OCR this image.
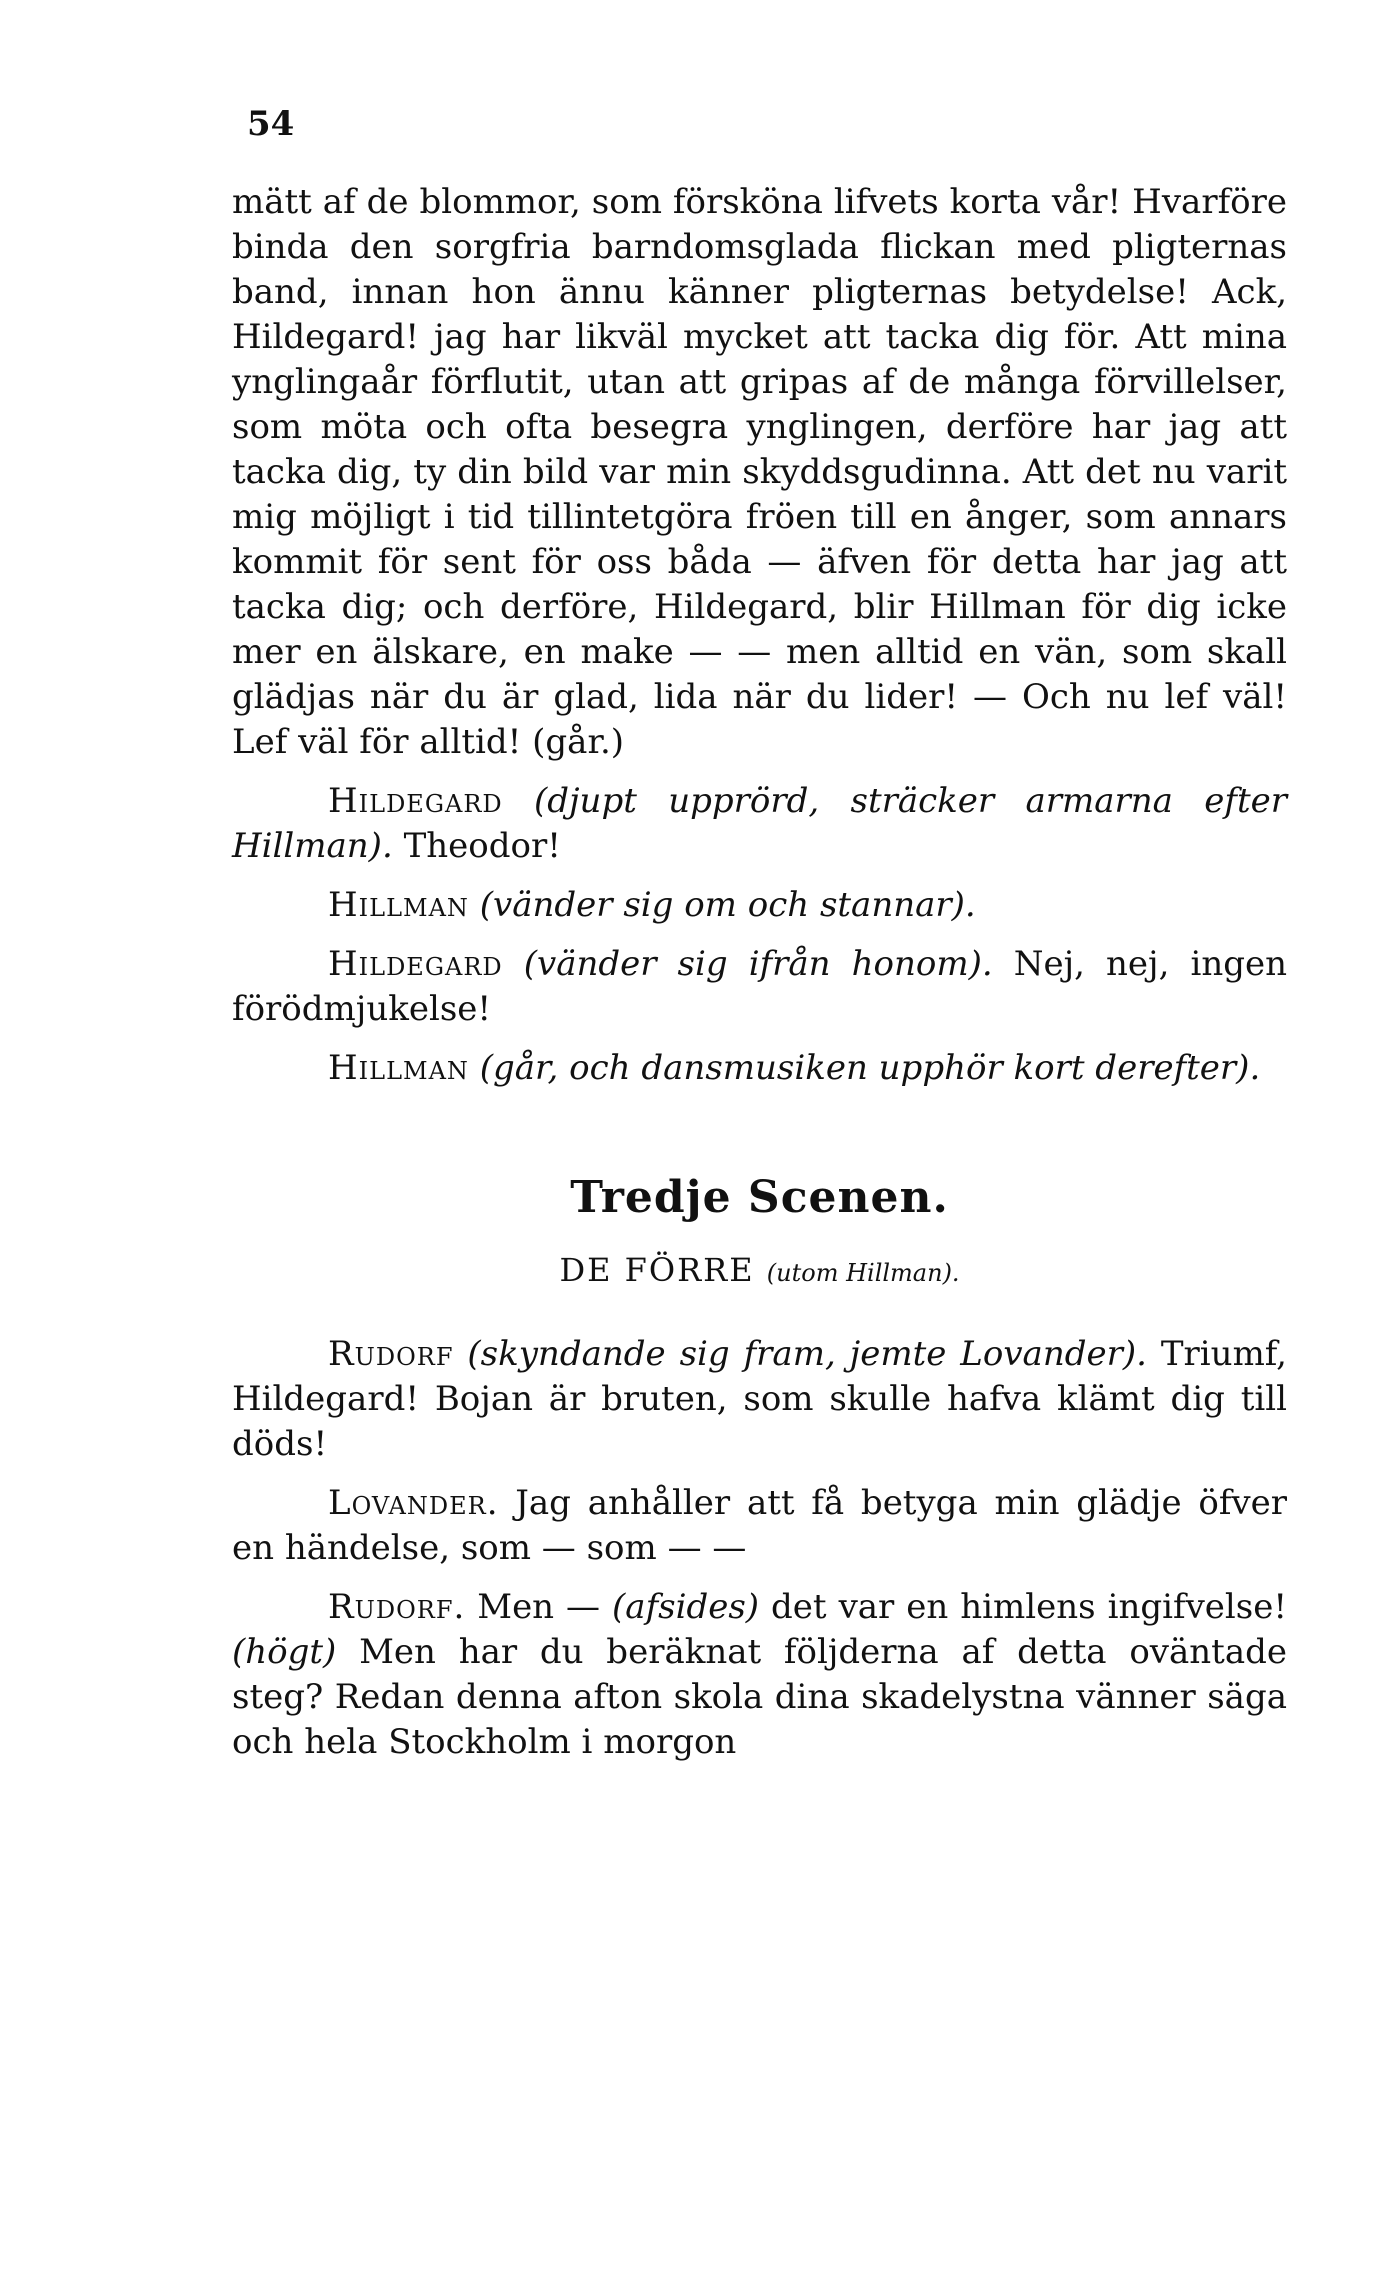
54

mätt af de blommor, som försköna lifvets korta vår! Hvarföre binda den sorgfria barndomsglada flickan med pligternas band, innan hon ännu känner pligternas betydelse! Ack, Hildegard! jag har likväl mycket att tacka dig för. Att mina ynglingaår förflutit, utan att gripas af de många förvillelser, som möta och ofta besegra ynglingen, derföre har jag att tacka dig, ty din bild var min skyddsgudinna. Att det nu varit mig möjligt i tid tillintetgöra fröen till en ånger, som annars kommit för sent för oss båda — äfven för detta har jag att tacka dig; och derföre, Hildegard, blir Hillman för dig icke mer en älskare, en make — — men alltid en vän, som skall glädjas när du är glad, lida när du lider! — Och nu lef väl! Lef väl för alltid! (går.)

Hildegard (djupt upprörd, sträcker armarna efter Hillman). Theodor!

Hillman (vänder sig om och stannar).

Hildegard (vänder sig ifrån honom). Nej, nej, ingen förödmjukelse!

Hillman (går, och dansmusiken upphör kort derefter).

Tredje Scenen.

DE FÖRRE (utom Hillman).

Rudorf (skyndande sig fram, jemte Lovander). Triumf, Hildegard! Bojan är bruten, som skulle hafva klämt dig till döds!

Lovander. Jag anhåller att få betyga min glädje öfver en händelse, som — som — —

Rudorf. Men — (afsides) det var en himlens ingifvelse! (högt) Men har du beräknat följderna af detta oväntade steg? Redan denna afton skola dina skadelystna vänner säga och hela Stockholm i morgon
